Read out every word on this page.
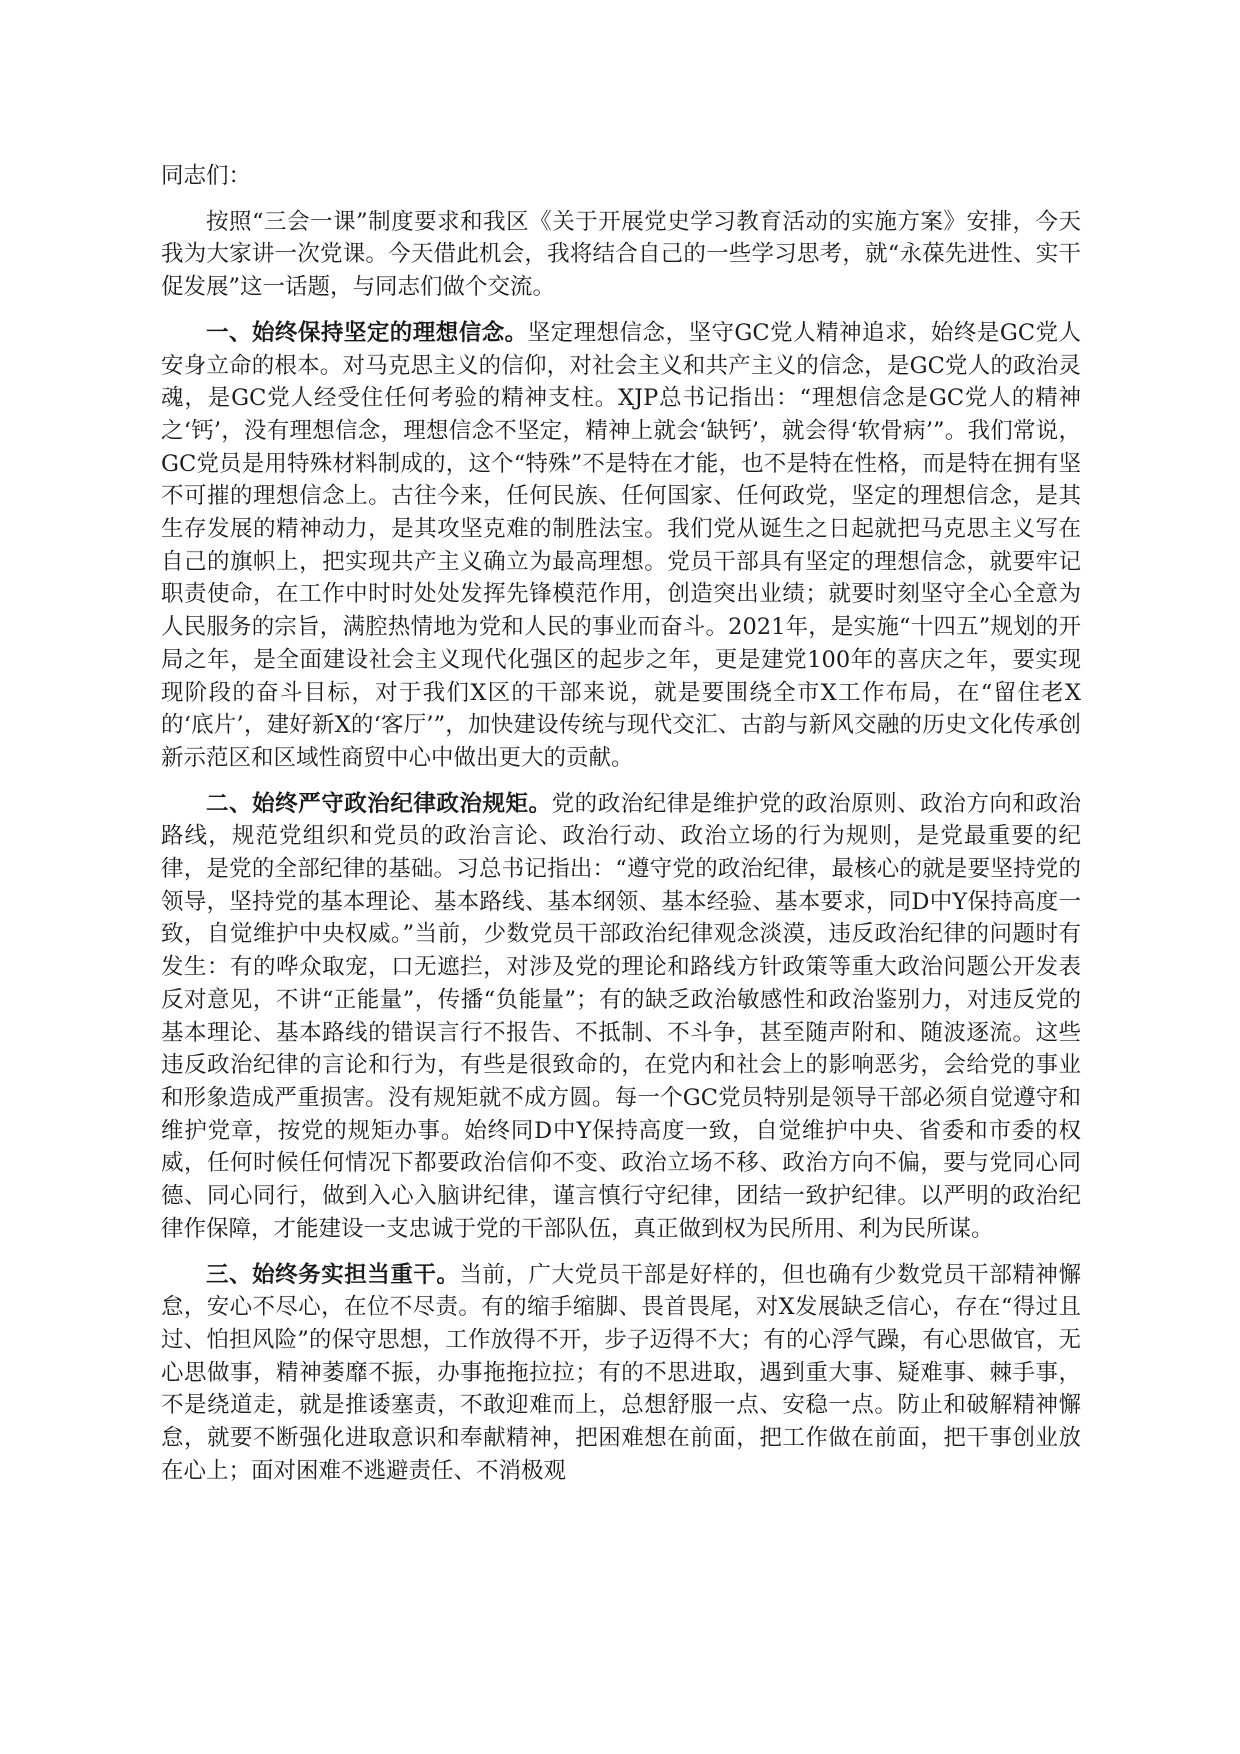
同志们：

按照“三会一课”制度要求和我区《关于开展党史学习教育活动的实施方案》安排，今天我为大家讲一次党课。今天借此机会，我将结合自己的一些学习思考，就“永葆先进性、实干促发展”这一话题，与同志们做个交流。

一、始终保持坚定的理想信念。坚定理想信念，坚守GC党人精神追求，始终是GC党人安身立命的根本。对马克思主义的信仰，对社会主义和共产主义的信念，是GC党人的政治灵魂，是GC党人经受住任何考验的精神支柱。XJP总书记指出：“理想信念是GC党人的精神之‘钙’，没有理想信念，理想信念不坚定，精神上就会‘缺钙’，就会得‘软骨病’”。我们常说，GC党员是用特殊材料制成的，这个“特殊”不是特在才能，也不是特在性格，而是特在拥有坚不可摧的理想信念上。古往今来，任何民族、任何国家、任何政党，坚定的理想信念，是其生存发展的精神动力，是其攻坚克难的制胜法宝。我们党从诞生之日起就把马克思主义写在自己的旗帜上，把实现共产主义确立为最高理想。党员干部具有坚定的理想信念，就要牢记职责使命，在工作中时时处处发挥先锋模范作用，创造突出业绩；就要时刻坚守全心全意为人民服务的宗旨，满腔热情地为党和人民的事业而奋斗。2021年，是实施“十四五”规划的开局之年，是全面建设社会主义现代化强区的起步之年，更是建党100年的喜庆之年，要实现现阶段的奋斗目标，对于我们X区的干部来说，就是要围绕全市X工作布局，在“留住老X的‘底片’，建好新X的‘客厅’”，加快建设传统与现代交汇、古韵与新风交融的历史文化传承创新示范区和区域性商贸中心中做出更大的贡献。

二、始终严守政治纪律政治规矩。党的政治纪律是维护党的政治原则、政治方向和政治路线，规范党组织和党员的政治言论、政治行动、政治立场的行为规则，是党最重要的纪律，是党的全部纪律的基础。习总书记指出：“遵守党的政治纪律，最核心的就是要坚持党的领导，坚持党的基本理论、基本路线、基本纲领、基本经验、基本要求，同D中Y保持高度一致，自觉维护中央权威。”当前，少数党员干部政治纪律观念淡漠，违反政治纪律的问题时有发生：有的哗众取宠，口无遮拦，对涉及党的理论和路线方针政策等重大政治问题公开发表反对意见，不讲“正能量”，传播“负能量”；有的缺乏政治敏感性和政治鉴别力，对违反党的基本理论、基本路线的错误言行不报告、不抵制、不斗争，甚至随声附和、随波逐流。这些违反政治纪律的言论和行为，有些是很致命的，在党内和社会上的影响恶劣，会给党的事业和形象造成严重损害。没有规矩就不成方圆。每一个GC党员特别是领导干部必须自觉遵守和维护党章，按党的规矩办事。始终同D中Y保持高度一致，自觉维护中央、省委和市委的权威，任何时候任何情况下都要政治信仰不变、政治立场不移、政治方向不偏，要与党同心同德、同心同行，做到入心入脑讲纪律，谨言慎行守纪律，团结一致护纪律。以严明的政治纪律作保障，才能建设一支忠诚于党的干部队伍，真正做到权为民所用、利为民所谋。

三、始终务实担当重干。当前，广大党员干部是好样的，但也确有少数党员干部精神懈怠，安心不尽心，在位不尽责。有的缩手缩脚、畏首畏尾，对X发展缺乏信心，存在“得过且过、怕担风险”的保守思想，工作放得不开，步子迈得不大；有的心浮气躁，有心思做官，无心思做事，精神萎靡不振，办事拖拖拉拉；有的不思进取，遇到重大事、疑难事、棘手事，不是绕道走，就是推诿塞责，不敢迎难而上，总想舒服一点、安稳一点。防止和破解精神懈怠，就要不断强化进取意识和奉献精神，把困难想在前面，把工作做在前面，把干事创业放在心上；面对困难不逃避责任、不消极观
